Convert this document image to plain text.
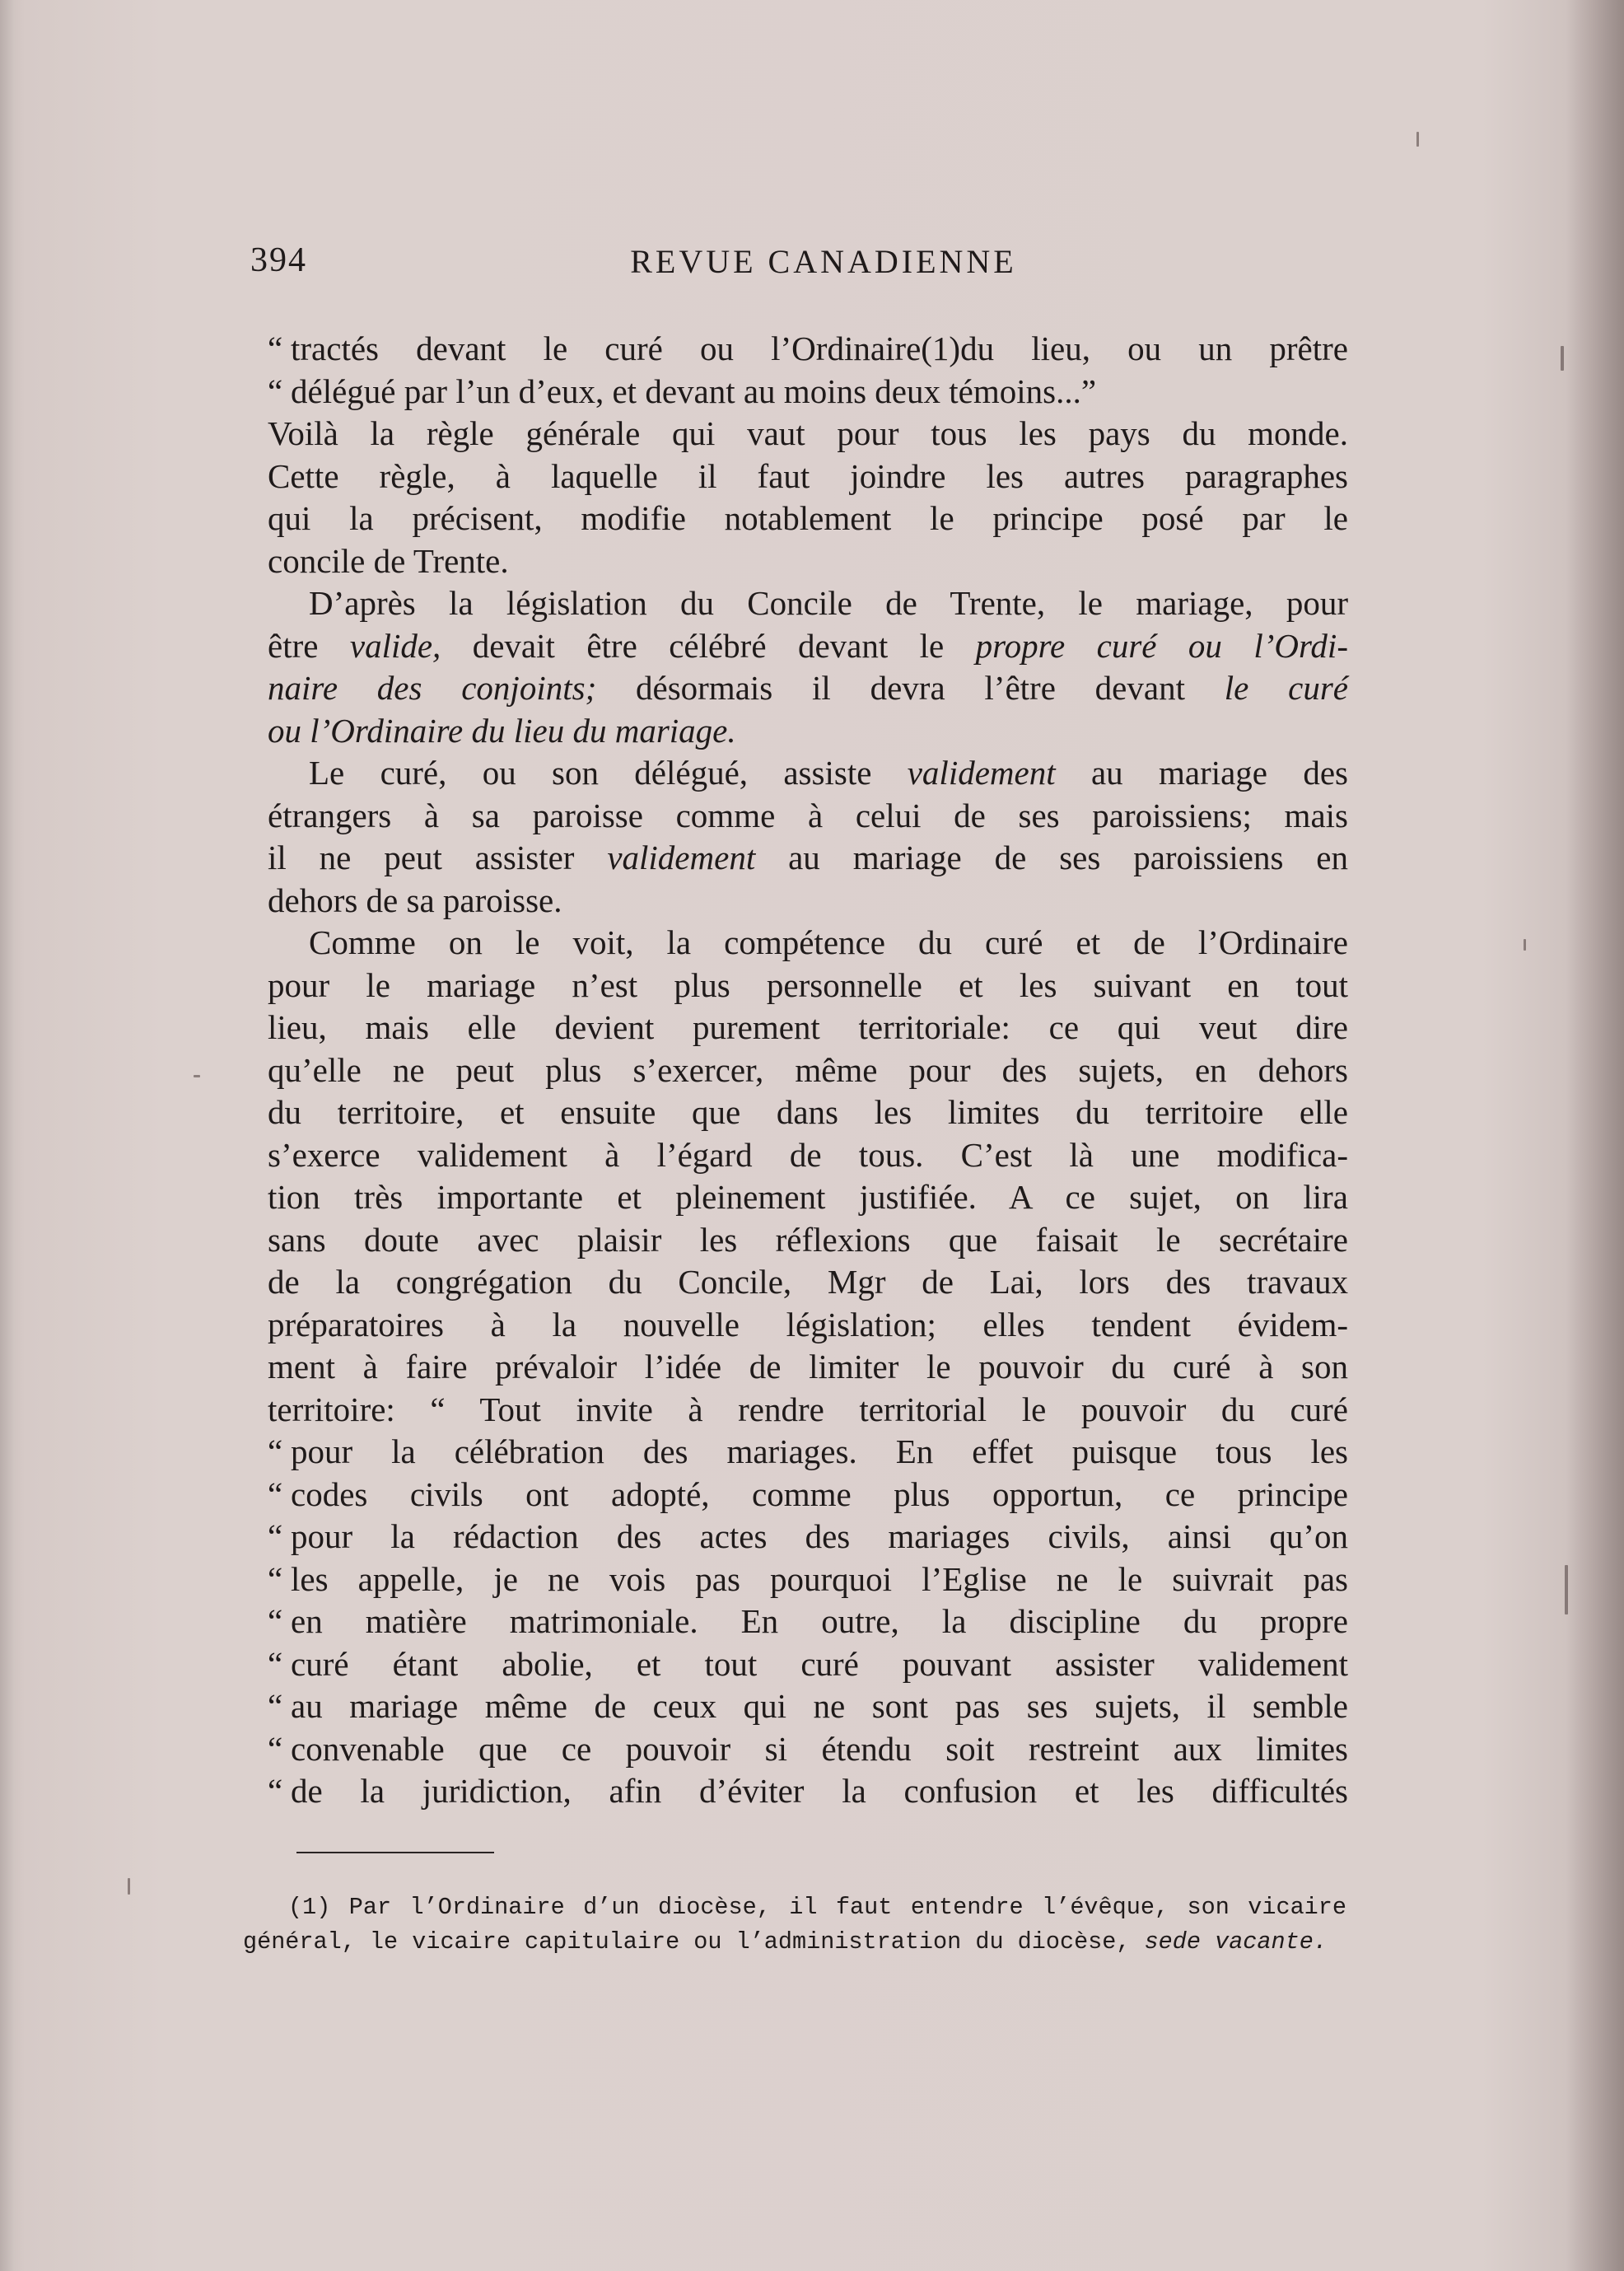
394	REVUE CANADIENNE
“ tractés devant le curé ou l’Ordinaire(1)du lieu, ou un prêtre
“ délégué par l’un d’eux, et devant au moins deux témoins...”
Voilà la règle générale qui vaut pour tous les pays du monde.
Cette règle, à laquelle il faut joindre les autres paragraphes
qui la précisent, modifie notablement le principe posé par le
concile de Trente.
D’après la législation du Concile de Trente, le mariage, pour
être valide, devait être célébré devant le propre curé ou l’Ordi-
naire des conjoints; désormais il devra l’être devant le curé
ou l’Ordinaire du lieu du mariage.
Le curé, ou son délégué, assiste validement au mariage des
étrangers à sa paroisse comme à celui de ses paroissiens; mais
il ne peut assister validement au mariage de ses paroissiens en
dehors de sa paroisse.
Comme on le voit, la compétence du curé et de l’Ordinaire
pour le mariage n’est plus personnelle et les suivant en tout
lieu, mais elle devient purement territoriale: ce qui veut dire
qu’elle ne peut plus s’exercer, même pour des sujets, en dehors
du territoire, et ensuite que dans les limites du territoire elle
s’exerce validement à l’égard de tous. C’est là une modifica-
tion très importante et pleinement justifiée. A ce sujet, on lira
sans doute avec plaisir les réflexions que faisait le secrétaire
de la congrégation du Concile, Mgr de Lai, lors des travaux
préparatoires à la nouvelle législation; elles tendent évidem-
ment à faire prévaloir l’idée de limiter le pouvoir du curé à son
territoire: “ Tout invite à rendre territorial le pouvoir du curé
“ pour la célébration des mariages. En effet puisque tous les
“ codes civils ont adopté, comme plus opportun, ce principe
“ pour la rédaction des actes des mariages civils, ainsi qu’on
“ les appelle, je ne vois pas pourquoi l’Eglise ne le suivrait pas
“ en matière matrimoniale. En outre, la discipline du propre
“ curé étant abolie, et tout curé pouvant assister validement
“ au mariage même de ceux qui ne sont pas ses sujets, il semble
“ convenable que ce pouvoir si étendu soit restreint aux limites
“ de la juridiction, afin d’éviter la confusion et les difficultés
(1) Par l’Ordinaire d’un diocèse, il faut entendre l’évêque, son vicaire
général, le vicaire capitulaire ou l’administration du diocèse, sede vacante.
